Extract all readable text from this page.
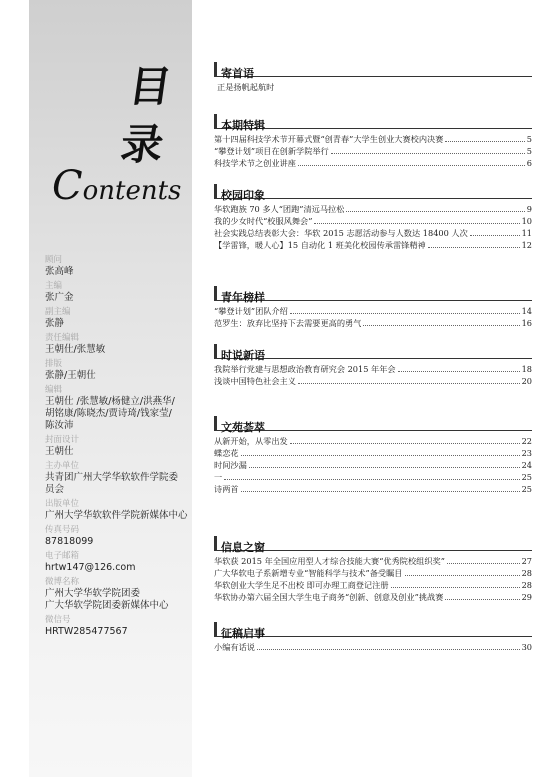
目
录
Contents
顾问
张高峰
主编
张广金
副主编
张静
责任编辑
王朝仕/张慧敏
排版
张静/王朝仕
编辑
王朝仕 /张慧敏/杨健立/洪燕华/
胡铭康/陈晓杰/贾诗琦/钱家莹/
陈汝沛
封面设计
王朝仕
主办单位
共青团广州大学华软软件学院委
员会
出版单位
广州大学华软软件学院新媒体中心
传真号码
87818099
电子邮箱
hrtw147@126.com
微博名称
广州大学华软学院团委
广大华软学院团委新媒体中心
微信号
HRTW285477567
寄首语
正是扬帆起航时
本期特辑
第十四届科技学术节开幕式暨“创青春”大学生创业大赛校内决赛	5
“攀登计划”项目在创新学院举行	5
科技学术节之创业讲座	6
校园印象
华软跑族 70 多人“团跑”清远马拉松	9
我的少女时代“校服风舞会”	10
社会实践总结表彰大会：华软 2015 志愿活动参与人数达 18400 人次	11
【学雷锋，暖人心】15 自动化 1 班美化校园传承雷锋精神	12
青年榜样
“攀登计划”团队介绍	14
范罗生：放弃比坚持下去需要更高的勇气	16
时说新语
我院举行党建与思想政治教育研究会 2015 年年会	18
浅谈中国特色社会主义	20
文苑荟萃
从新开始，从零出发	22
蝶恋花	23
时间沙漏	24
一	25
诗两首	25
信息之窗
华软获 2015 年全国应用型人才综合技能大赛“优秀院校组织奖”	27
广大华软电子系新增专业“智能科学与技术”备受瞩目	28
华软创业大学生足不出校 即可办理工商登记注册	28
华软协办第六届全国大学生电子商务“创新、创意及创业”挑战赛	29
征稿启事
小编有话说	30
